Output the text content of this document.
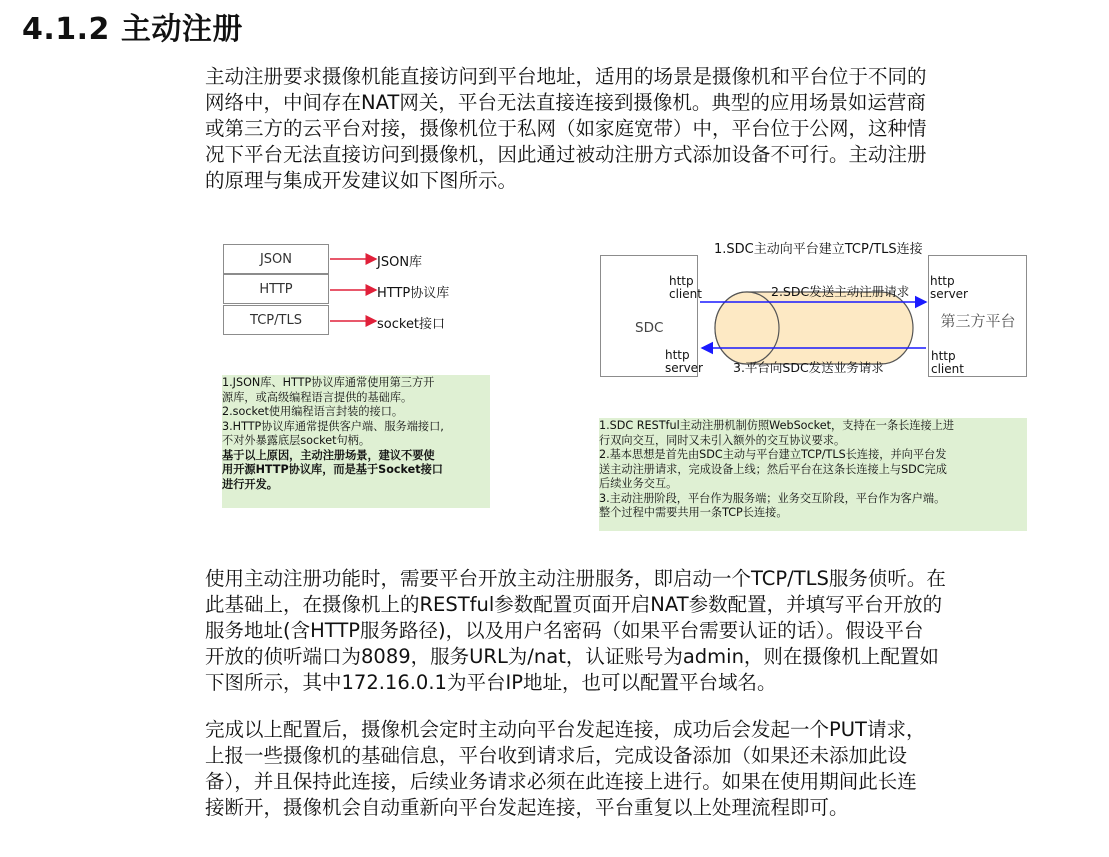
4.1.2 主动注册
主动注册要求摄像机能直接访问到平台地址，适用的场景是摄像机和平台位于不同的
网络中，中间存在NAT网关，平台无法直接连接到摄像机。典型的应用场景如运营商
或第三方的云平台对接，摄像机位于私网（如家庭宽带）中，平台位于公网，这种情
况下平台无法直接访问到摄像机，因此通过被动注册方式添加设备不可行。主动注册
的原理与集成开发建议如下图所示。
JSON
HTTP
TCP/TLS
JSON库
HTTP协议库
socket接口
1.JSON库、HTTP协议库通常使用第三方开
源库，或高级编程语言提供的基础库。
2.socket使用编程语言封装的接口。
3.HTTP协议库通常提供客户端、服务端接口,
不对外暴露底层socket句柄。
基于以上原因，主动注册场景，建议不要使
用开源HTTP协议库，而是基于Socket接口
进行开发。
1.SDC主动向平台建立TCP/TLS连接
2.SDC发送主动注册请求
3.平台向SDC发送业务请求
SDC	第三方平台
http
client
http
server
http
server
http
client
1.SDC RESTful主动注册机制仿照WebSocket，支持在一条长连接上进
行双向交互，同时又未引入额外的交互协议要求。
2.基本思想是首先由SDC主动与平台建立TCP/TLS长连接，并向平台发
送主动注册请求，完成设备上线；然后平台在这条长连接上与SDC完成
后续业务交互。
3.主动注册阶段，平台作为服务端；业务交互阶段，平台作为客户端。
整个过程中需要共用一条TCP长连接。
使用主动注册功能时，需要平台开放主动注册服务，即启动一个TCP/TLS服务侦听。在
此基础上，在摄像机上的RESTful参数配置页面开启NAT参数配置，并填写平台开放的
服务地址(含HTTP服务路径)，以及用户名密码（如果平台需要认证的话）。假设平台
开放的侦听端口为8089，服务URL为/nat，认证账号为admin，则在摄像机上配置如
下图所示，其中172.16.0.1为平台IP地址，也可以配置平台域名。
完成以上配置后，摄像机会定时主动向平台发起连接，成功后会发起一个PUT请求，
上报一些摄像机的基础信息，平台收到请求后，完成设备添加（如果还未添加此设
备），并且保持此连接，后续业务请求必须在此连接上进行。如果在使用期间此长连
接断开，摄像机会自动重新向平台发起连接，平台重复以上处理流程即可。
